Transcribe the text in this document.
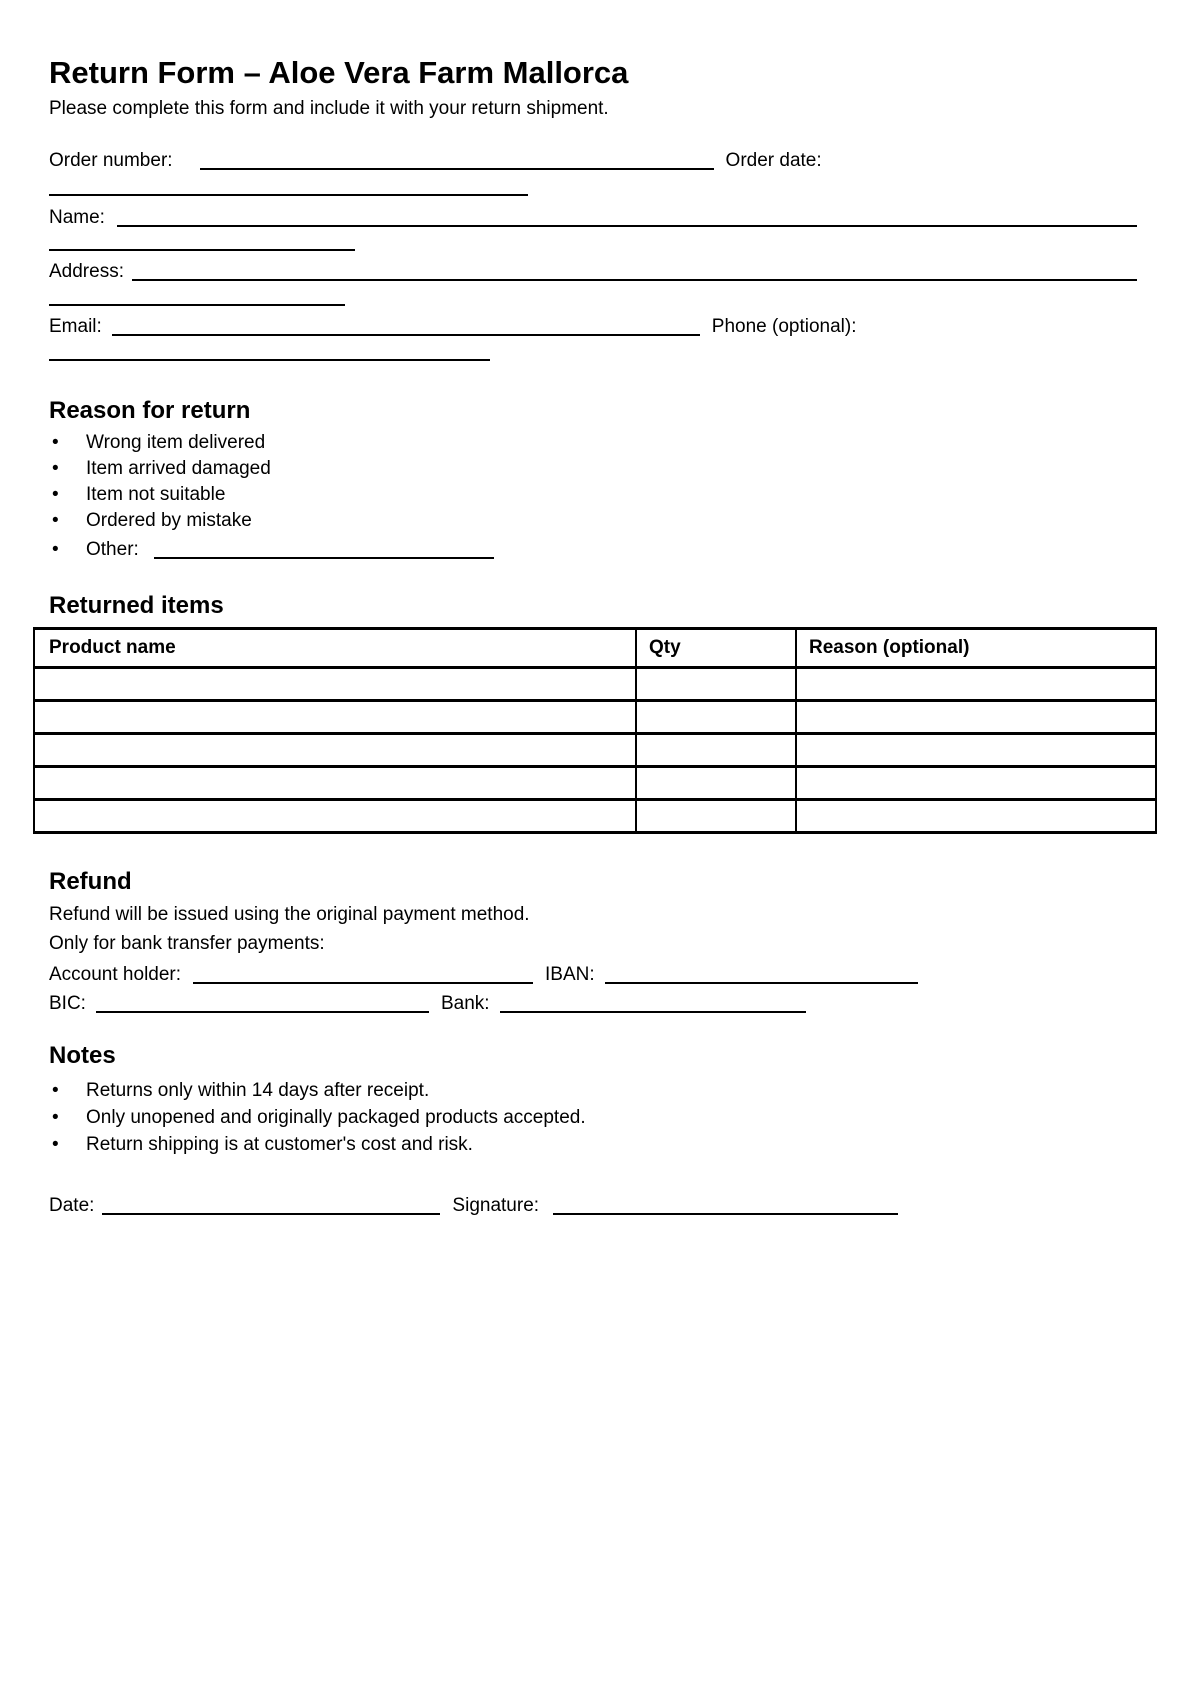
Return Form – Aloe Vera Farm Mallorca
Please complete this form and include it with your return shipment.
Order number:	Order date:
Name:
Address:
Email:	Phone (optional):
Reason for return
• Wrong item delivered
• Item arrived damaged
• Item not suitable
• Ordered by mistake
• Other:
Returned items
Product name	Qty	Reason (optional)

Refund
Refund will be issued using the original payment method.
Only for bank transfer payments:
Account holder:	IBAN:
BIC:	Bank:
Notes
• Returns only within 14 days after receipt.
• Only unopened and originally packaged products accepted.
• Return shipping is at customer's cost and risk.
Date:	Signature:
